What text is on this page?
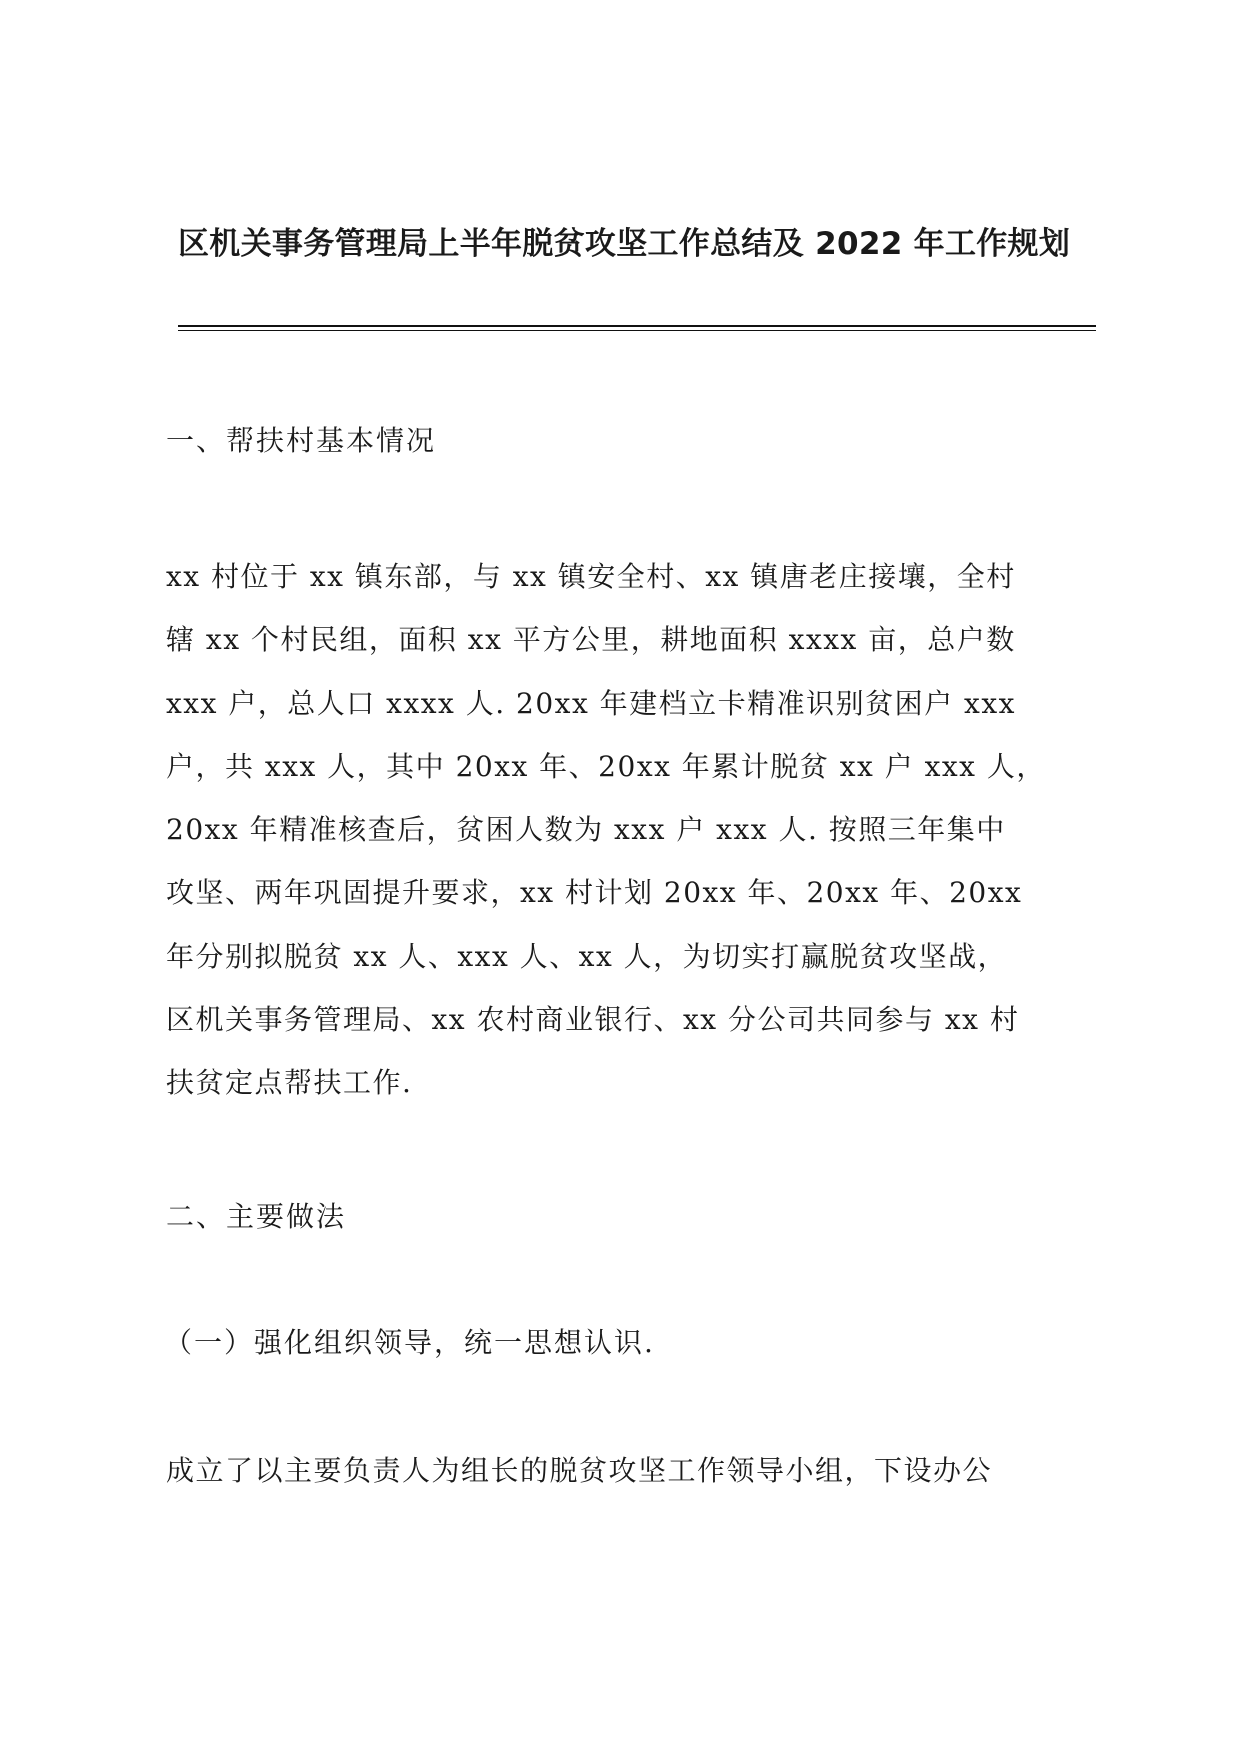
区机关事务管理局上半年脱贫攻坚工作总结及 2022 年工作规划
一、帮扶村基本情况
xx 村位于 xx 镇东部，与 xx 镇安全村、xx 镇唐老庄接壤，全村
辖 xx 个村民组，面积 xx 平方公里，耕地面积 xxxx 亩，总户数
xxx 户，总人口 xxxx 人. 20xx 年建档立卡精准识别贫困户 xxx
户，共 xxx 人，其中 20xx 年、20xx 年累计脱贫 xx 户 xxx 人，
20xx 年精准核查后，贫困人数为 xxx 户 xxx 人. 按照三年集中
攻坚、两年巩固提升要求，xx 村计划 20xx 年、20xx 年、20xx
年分别拟脱贫 xx 人、xxx 人、xx 人，为切实打赢脱贫攻坚战，
区机关事务管理局、xx 农村商业银行、xx 分公司共同参与 xx 村
扶贫定点帮扶工作.
二、主要做法
（一）强化组织领导，统一思想认识.
成立了以主要负责人为组长的脱贫攻坚工作领导小组，下设办公
